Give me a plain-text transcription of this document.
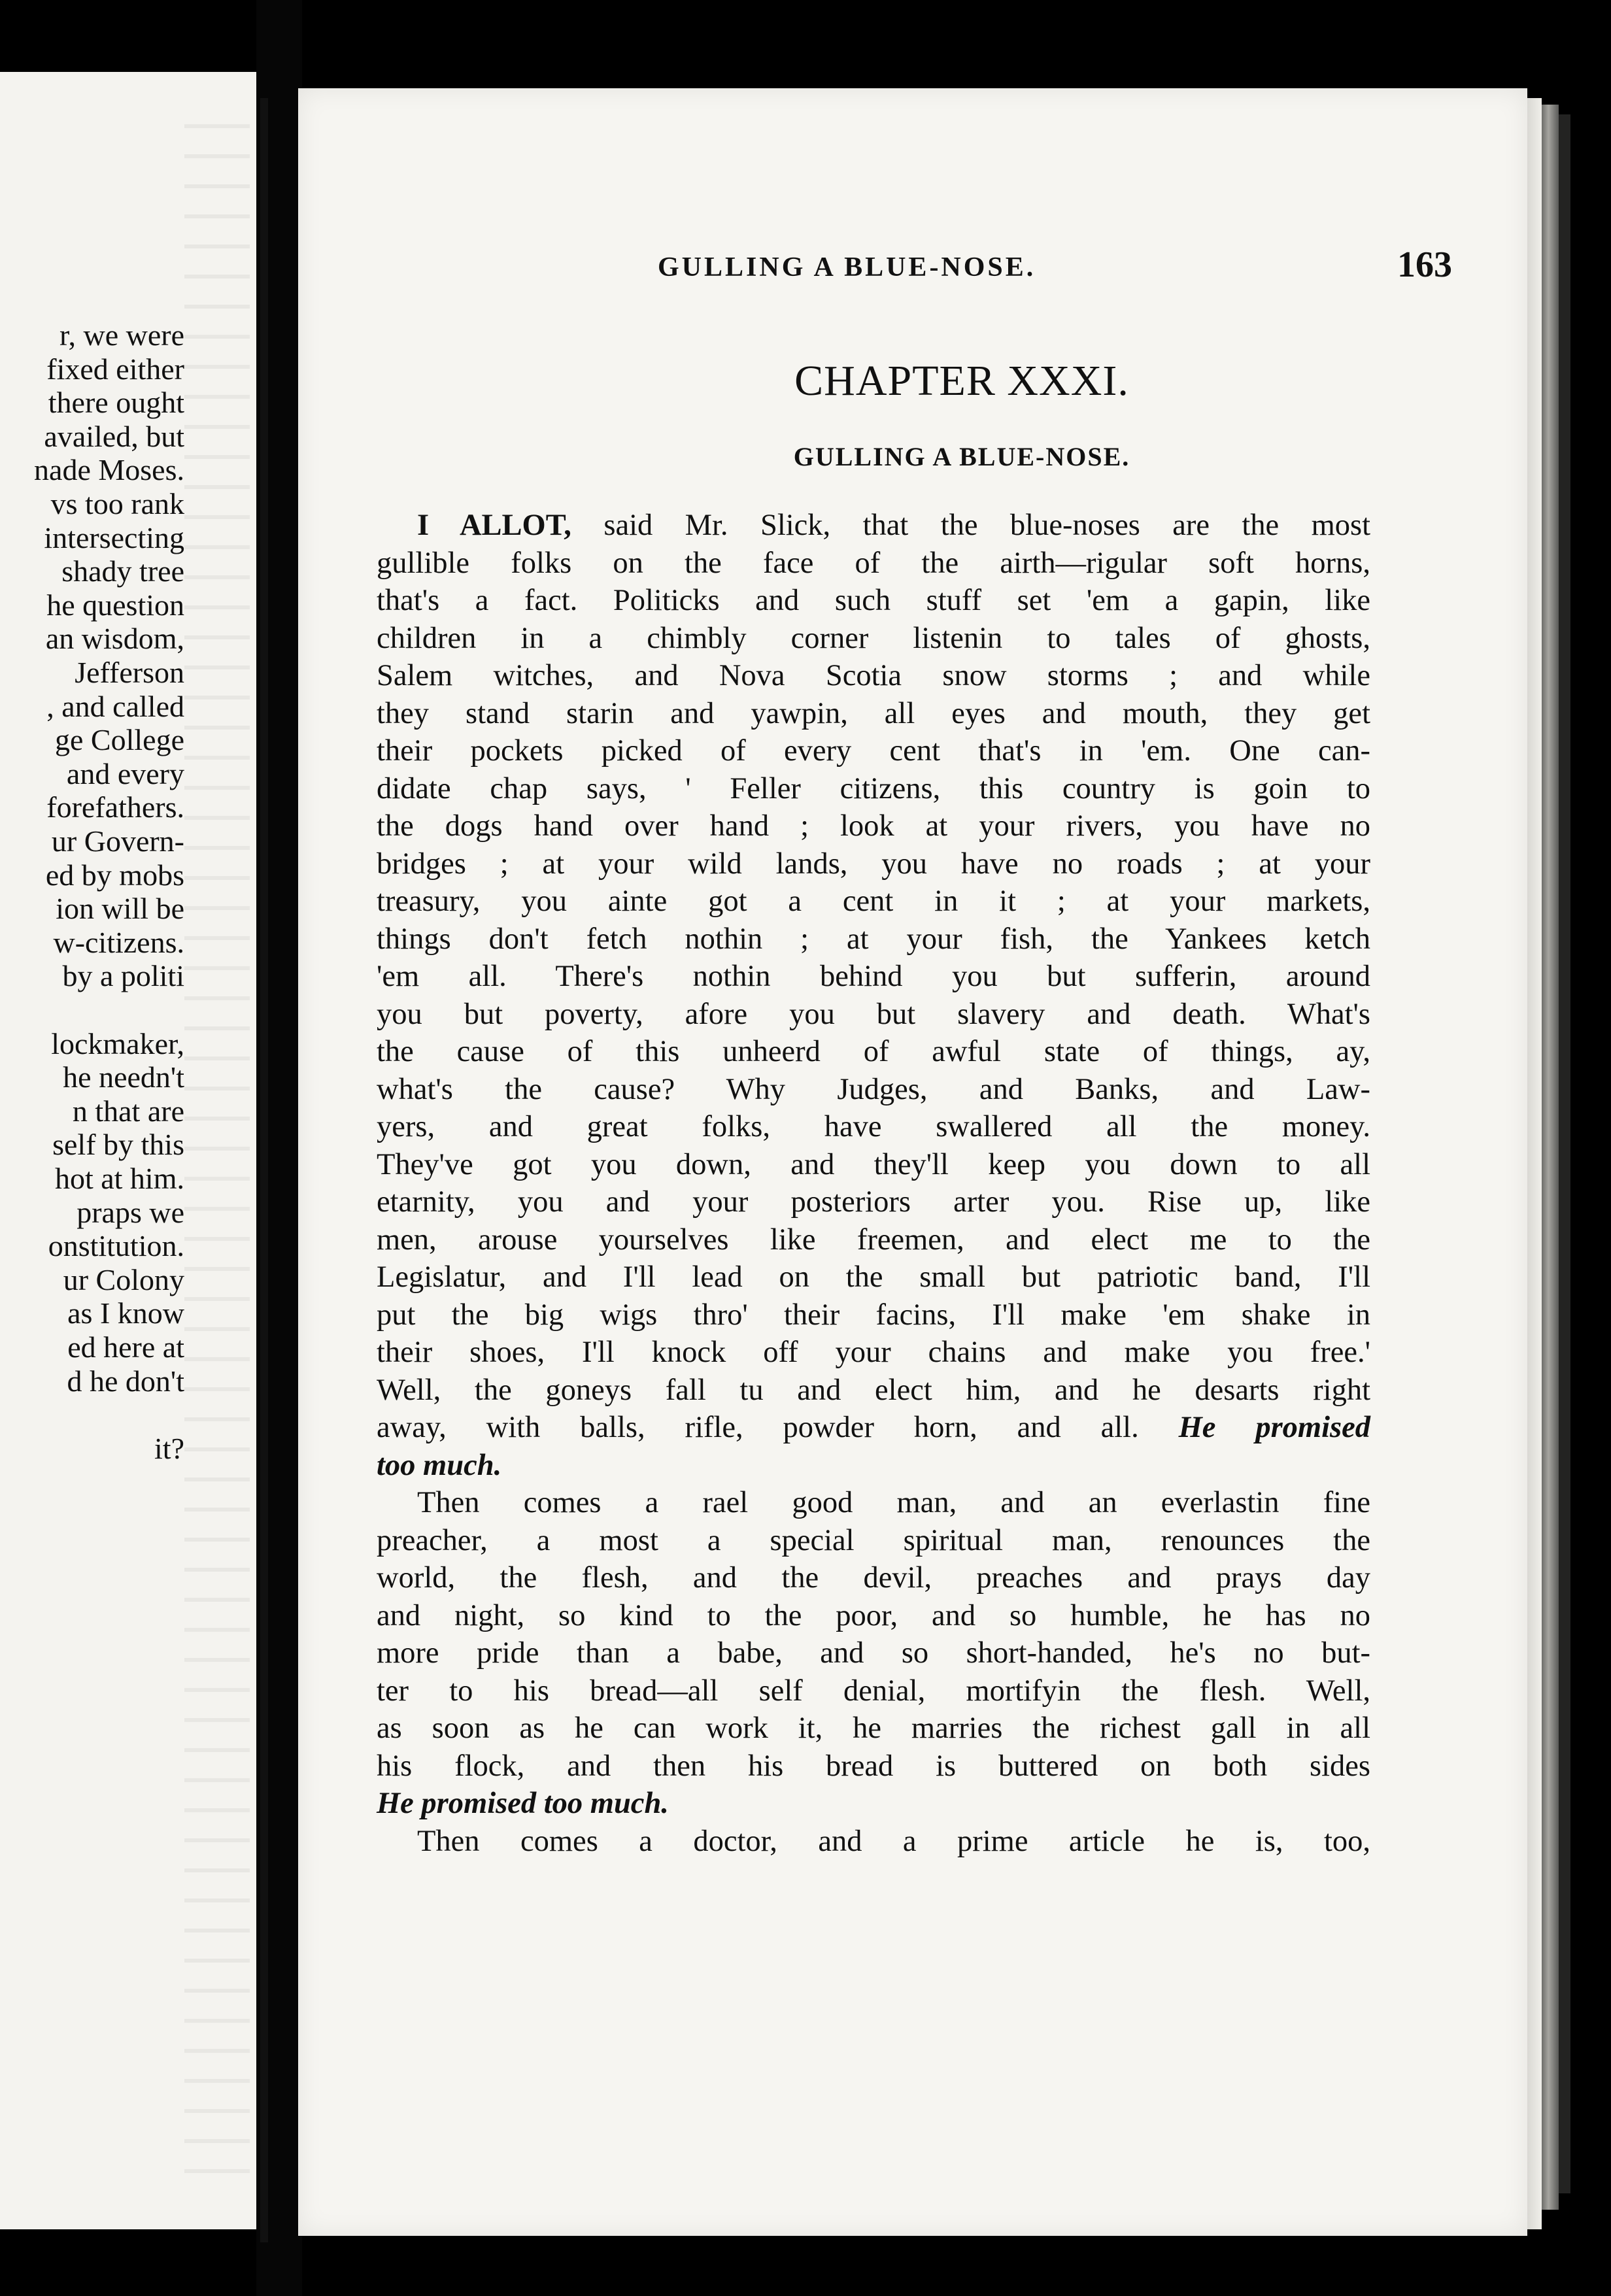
r, we were
fixed either
there ought
availed, but
nade Moses.
vs too rank
intersecting
shady tree
he question
an wisdom,
Jefferson
, and called
ge College
and every
forefathers.
ur Govern-
ed by mobs
ion will be
w-citizens.
by a politi
lockmaker,
he needn't
n that are
self by this
hot at him.
praps we
onstitution.
ur Colony
as I know
ed here at
d he don't
it?
GULLING A BLUE-NOSE.	163
CHAPTER XXXI.
GULLING A BLUE-NOSE.
I ALLOT, said Mr. Slick, that the blue-noses are the most
gullible folks on the face of the airth—rigular soft horns,
that's a fact. Politicks and such stuff set 'em a gapin, like
children in a chimbly corner listenin to tales of ghosts,
Salem witches, and Nova Scotia snow storms ; and while
they stand starin and yawpin, all eyes and mouth, they get
their pockets picked of every cent that's in 'em. One can-
didate chap says, ' Feller citizens, this country is goin to
the dogs hand over hand ; look at your rivers, you have no
bridges ; at your wild lands, you have no roads ; at your
treasury, you ainte got a cent in it ; at your markets,
things don't fetch nothin ; at your fish, the Yankees ketch
'em all. There's nothin behind you but sufferin, around
you but poverty, afore you but slavery and death. What's
the cause of this unheerd of awful state of things, ay,
what's the cause? Why Judges, and Banks, and Law-
yers, and great folks, have swallered all the money.
They've got you down, and they'll keep you down to all
etarnity, you and your posteriors arter you. Rise up, like
men, arouse yourselves like freemen, and elect me to the
Legislatur, and I'll lead on the small but patriotic band, I'll
put the big wigs thro' their facins, I'll make 'em shake in
their shoes, I'll knock off your chains and make you free.'
Well, the goneys fall tu and elect him, and he desarts right
away, with balls, rifle, powder horn, and all. He promised
too much.
Then comes a rael good man, and an everlastin fine
preacher, a most a special spiritual man, renounces the
world, the flesh, and the devil, preaches and prays day
and night, so kind to the poor, and so humble, he has no
more pride than a babe, and so short-handed, he's no but-
ter to his bread—all self denial, mortifyin the flesh. Well,
as soon as he can work it, he marries the richest gall in all
his flock, and then his bread is buttered on both sides
He promised too much.
Then comes a doctor, and a prime article he is, too,
